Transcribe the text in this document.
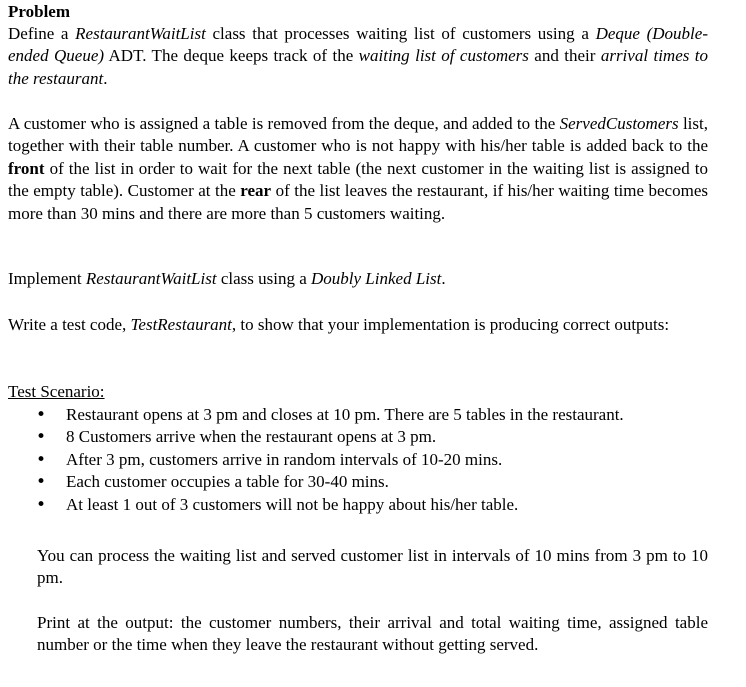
Problem

Define a RestaurantWaitList class that processes waiting list of customers using a Deque (Double-ended Queue) ADT. The deque keeps track of the waiting list of customers and their arrival times to the restaurant.

A customer who is assigned a table is removed from the deque, and added to the ServedCustomers list, together with their table number. A customer who is not happy with his/her table is added back to the front of the list in order to wait for the next table (the next customer in the waiting list is assigned to the empty table). Customer at the rear of the list leaves the restaurant, if his/her waiting time becomes more than 30 mins and there are more than 5 customers waiting.

Implement RestaurantWaitList class using a Doubly Linked List.

Write a test code, TestRestaurant, to show that your implementation is producing correct outputs:

Test Scenario:
• Restaurant opens at 3 pm and closes at 10 pm. There are 5 tables in the restaurant.
• 8 Customers arrive when the restaurant opens at 3 pm.
• After 3 pm, customers arrive in random intervals of 10-20 mins.
• Each customer occupies a table for 30-40 mins.
• At least 1 out of 3 customers will not be happy about his/her table.

You can process the waiting list and served customer list in intervals of 10 mins from 3 pm to 10 pm.

Print at the output: the customer numbers, their arrival and total waiting time, assigned table number or the time when they leave the restaurant without getting served.
